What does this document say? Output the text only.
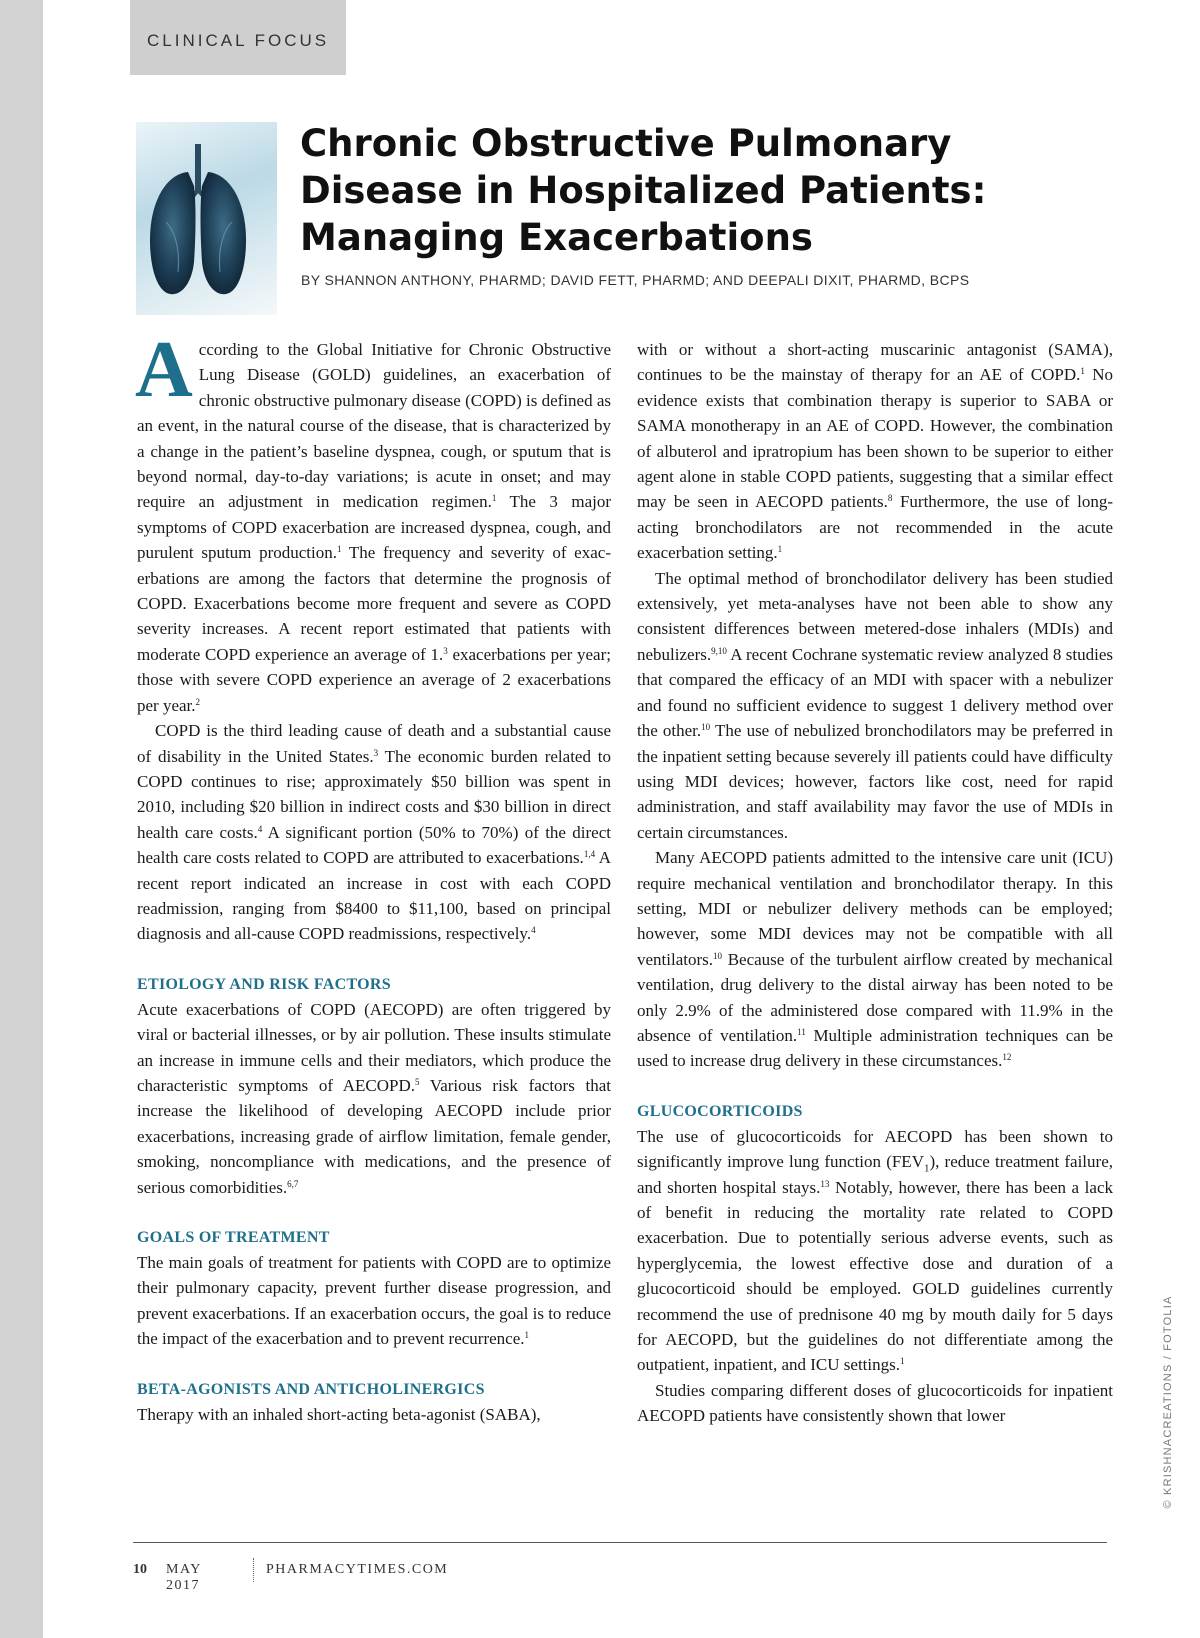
CLINICAL FOCUS
Chronic Obstructive Pulmonary Disease in Hospitalized Patients: Managing Exacerbations
BY SHANNON ANTHONY, PHARMD; DAVID FETT, PHARMD; AND DEEPALI DIXIT, PHARMD, BCPS

According to the Global Initiative for Chronic Obstructive Lung Disease (GOLD) guidelines, an exacerbation of chronic obstructive pulmonary disease (COPD) is defined as an event, in the natural course of the disease, that is characterized by a change in the patient’s baseline dyspnea, cough, or sputum that is beyond normal, day-to-day variations; is acute in onset; and may require an adjustment in medication regimen.$^1$ The 3 major symptoms of COPD exacerbation are increased dyspnea, cough, and purulent sputum production.$^1$ The frequency and severity of exacerbations are among the factors that determine the prognosis of COPD. Exacerbations become more frequent and severe as COPD severity increases. A recent report estimated that patients with moderate COPD experience an average of 1.$^3$ exacerbations per year; those with severe COPD experience an average of 2 exacerbations per year.$^2$

COPD is the third leading cause of death and a substantial cause of disability in the United States.$^3$ The economic burden related to COPD continues to rise; approximately $50 billion was spent in 2010, including $20 billion in indirect costs and $30 billion in direct health care costs.$^4$ A significant portion (50% to 70%) of the direct health care costs related to COPD are attributed to exacerbations.$^{1,4}$ A recent report indicated an increase in cost with each COPD readmission, ranging from $8400 to $11,100, based on principal diagnosis and all-cause COPD readmissions, respectively.$^4$

ETIOLOGY AND RISK FACTORS

Acute exacerbations of COPD (AECOPD) are often triggered by viral or bacterial illnesses, or by air pollution. These insults stimulate an increase in immune cells and their mediators, which produce the characteristic symptoms of AECOPD.$^5$ Various risk factors that increase the likelihood of developing AECOPD include prior exacerbations, increasing grade of airflow limitation, female gender, smoking, noncompliance with medications, and the presence of serious comorbidities.$^{6,7}$

GOALS OF TREATMENT

The main goals of treatment for patients with COPD are to optimize their pulmonary capacity, prevent further disease progression, and prevent exacerbations. If an exacerbation occurs, the goal is to reduce the impact of the exacerbation and to prevent recurrence.$^1$

BETA-AGONISTS AND ANTICHOLINERGICS

Therapy with an inhaled short-acting beta-agonist (SABA),

with or without a short-acting muscarinic antagonist (SAMA), continues to be the mainstay of therapy for an AE of COPD.$^1$ No evidence exists that combination therapy is superior to SABA or SAMA monotherapy in an AE of COPD. However, the combination of albuterol and ipratropium has been shown to be superior to either agent alone in stable COPD patients, suggesting that a similar effect may be seen in AECOPD patients.$^8$ Furthermore, the use of long-acting bronchodilators are not recommended in the acute exacerbation setting.$^1$

The optimal method of bronchodilator delivery has been studied extensively, yet meta-analyses have not been able to show any consistent differences between metered-dose inhalers (MDIs) and nebulizers.$^{9,10}$ A recent Cochrane systematic review analyzed 8 studies that compared the efficacy of an MDI with spacer with a nebulizer and found no sufficient evidence to suggest 1 delivery method over the other.$^{10}$ The use of nebulized bronchodilators may be preferred in the inpatient setting because severely ill patients could have difficulty using MDI devices; however, factors like cost, need for rapid administration, and staff availability may favor the use of MDIs in certain circumstances.

Many AECOPD patients admitted to the intensive care unit (ICU) require mechanical ventilation and bronchodilator therapy. In this setting, MDI or nebulizer delivery methods can be employed; however, some MDI devices may not be compatible with all ventilators.$^{10}$ Because of the turbulent airflow created by mechanical ventilation, drug delivery to the distal airway has been noted to be only 2.9% of the administered dose compared with 11.9% in the absence of ventilation.$^{11}$ Multiple administration techniques can be used to increase drug delivery in these circumstances.$^{12}$

GLUCOCORTICOIDS

The use of glucocorticoids for AECOPD has been shown to significantly improve lung function $(FEV_1)$, reduce treatment failure, and shorten hospital stays.$^{13}$ Notably, however, there has been a lack of benefit in reducing the mortality rate related to COPD exacerbation. Due to potentially serious adverse events, such as hyperglycemia, the lowest effective dose and duration of a glucocorticoid should be employed. GOLD guidelines currently recommend the use of prednisone 40 mg by mouth daily for 5 days for AECOPD, but the guidelines do not differentiate among the outpatient, inpatient, and ICU settings.$^1$

Studies comparing different doses of glucocorticoids for inpatient AECOPD patients have consistently shown that lower	© KRISHNACREATIONS / FOTOLIA
10 MAY 2017
PHARMACYTIMES.COM
